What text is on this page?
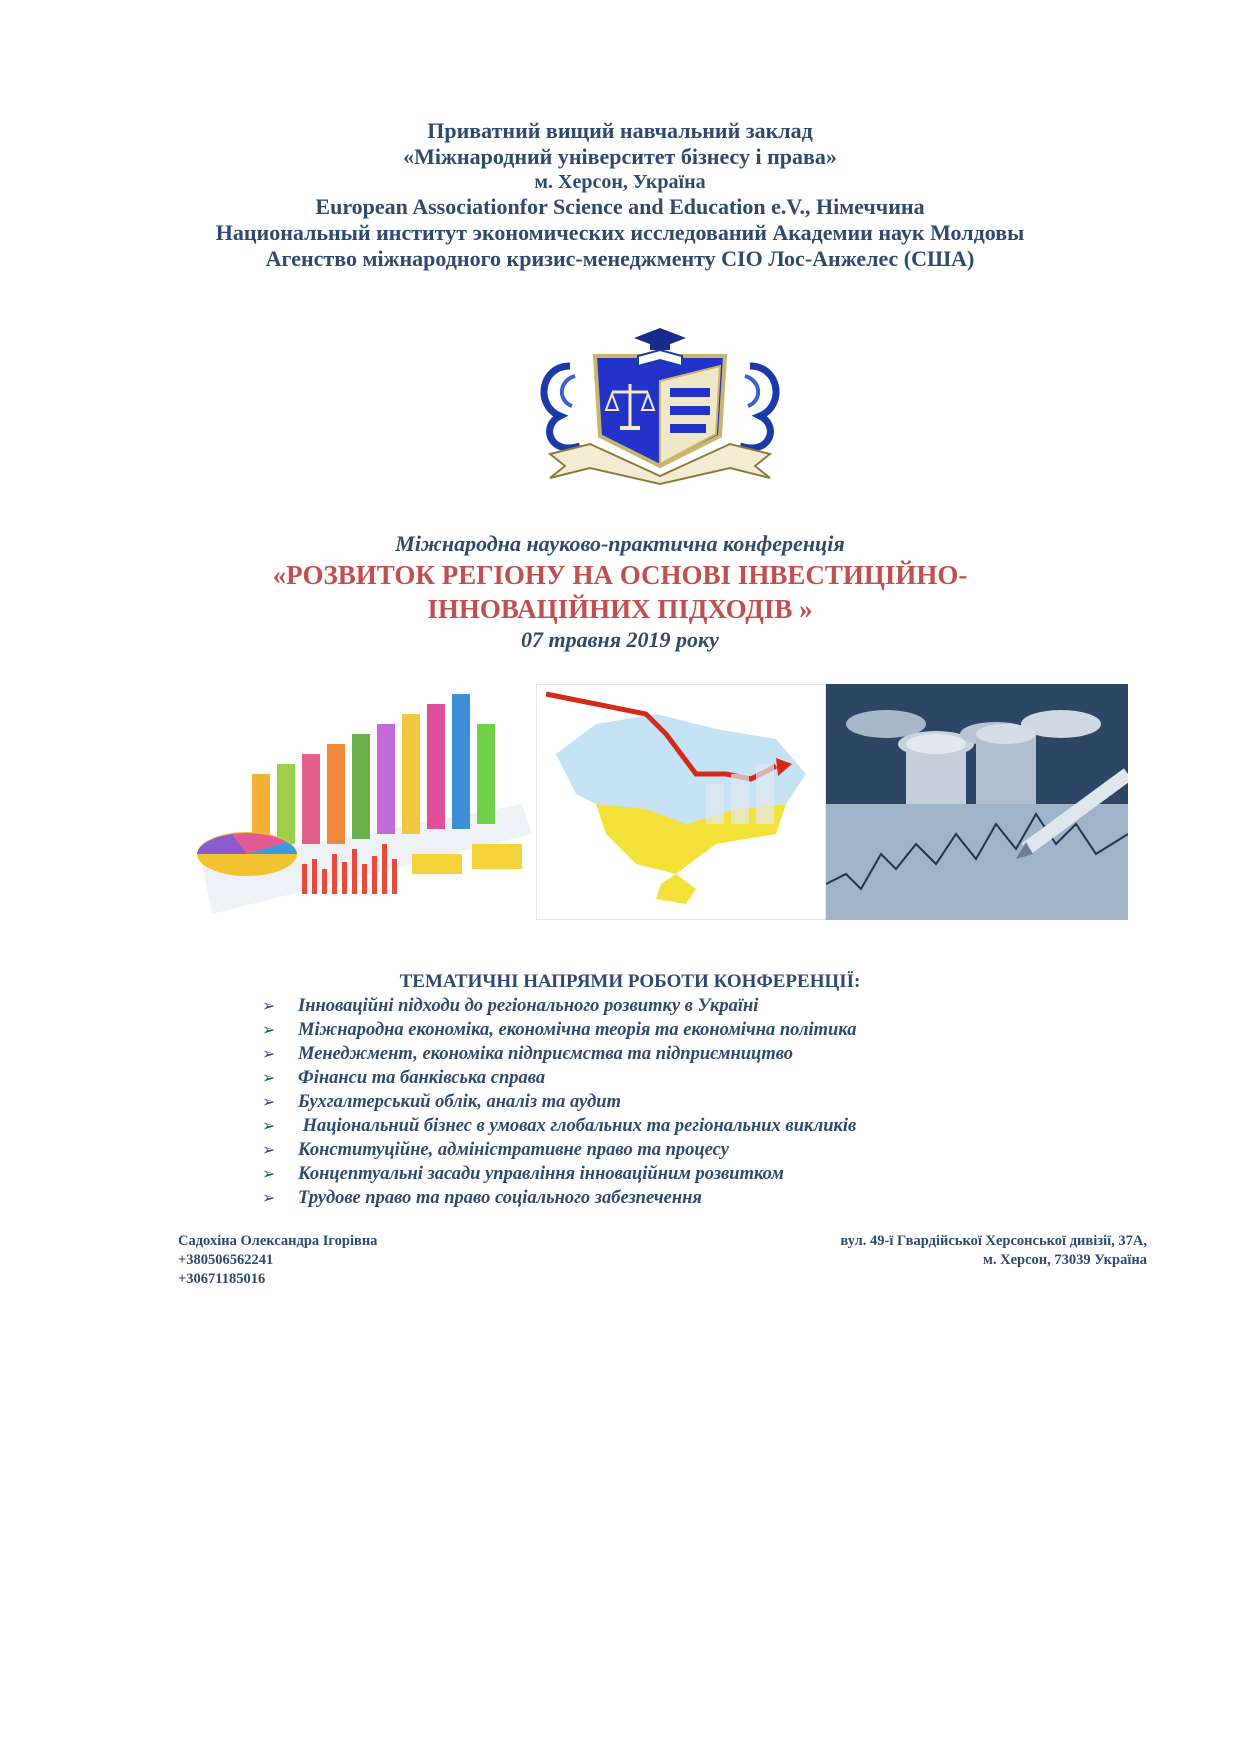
Приватний вищий навчальний заклад
«Міжнародний університет бізнесу і права»
м. Херсон, Україна
European Associationfor Science and Education e.V., Німеччина
Национальный институт экономических исследований Академии наук Молдовы
Агенство міжнародного кризис-менеджменту СІО Лос-Анжелес (США)
Міжнародна науково-практична конференція
«РОЗВИТОК РЕГІОНУ НА ОСНОВІ ІНВЕСТИЦІЙНО-
ІННОВАЦІЙНИХ ПІДХОДІВ »
07 травня 2019 року
ТЕМАТИЧНІ НАПРЯМИ РОБОТИ КОНФЕРЕНЦІЇ:
➢ Інноваційні підходи до регіонального розвитку в Україні
➢ Міжнародна економіка, економічна теорія та економічна політика
➢ Менеджмент, економіка підприємства та підприємництво
➢ Фінанси та банківська справа
➢ Бухгалтерський облік, аналіз та аудит
➢ Національний бізнес в умовах глобальних та регіональних викликів
➢ Конституційне, адміністративне право та процесу
➢ Концептуальні засади управління інноваційним розвитком
➢ Трудове право та право соціального забезпечення
Садохіна Олександра Ігорівна
+380506562241
+30671185016
вул. 49-ї Гвардійської Херсонської дивізії, 37А,
м. Херсон, 73039 Україна
